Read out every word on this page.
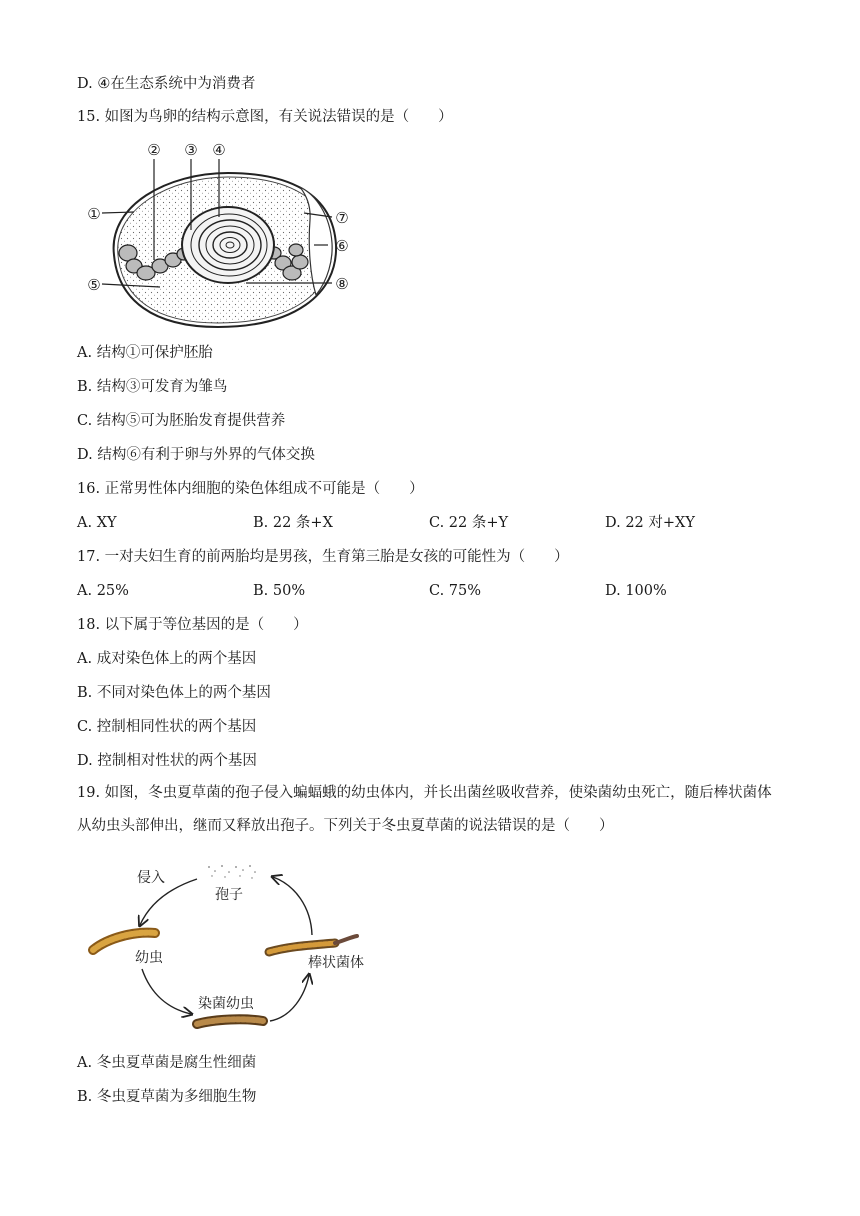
D. ④在生态系统中为消费者
15. 如图为鸟卵的结构示意图，有关说法错误的是（　　）
①
② ③ ④
⑤
⑥
⑦
⑧
A. 结构①可保护胚胎
B. 结构③可发育为雏鸟
C. 结构⑤可为胚胎发育提供营养
D. 结构⑥有利于卵与外界的气体交换
16. 正常男性体内细胞的染色体组成不可能是（　　）
A. XY	B. 22 条+X	C. 22 条+Y	D. 22 对+XY
17. 一对夫妇生育的前两胎均是男孩，生育第三胎是女孩的可能性为（　　）
A. 25%	B. 50%	C. 75%	D. 100%
18. 以下属于等位基因的是（　　）
A. 成对染色体上的两个基因
B. 不同对染色体上的两个基因
C. 控制相同性状的两个基因
D. 控制相对性状的两个基因
19. 如图，冬虫夏草菌的孢子侵入蝙蝠蛾的幼虫体内，并长出菌丝吸收营养，使染菌幼虫死亡，随后棒状菌体从幼虫头部伸出，继而又释放出孢子。下列关于冬虫夏草菌的说法错误的是（　　）
孢子
侵入
幼虫
染菌幼虫
棒状菌体
A. 冬虫夏草菌是腐生性细菌
B. 冬虫夏草菌为多细胞生物
